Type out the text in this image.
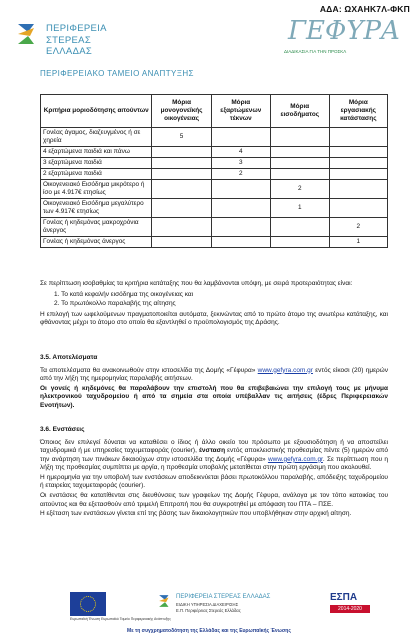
ΑΔΑ: ΩΧΑΗΚ7Λ-ΦΚΠ
ΠΕΡΙΦΕΡΕΙΑ
ΣΤΕΡΕΑΣ ΕΛΛΑΔΑΣ
ΓΕΦΥΡΑ
ΔΙΑΔΙΚΑΣΙΑ ΓΙΑ ΤΗΝ ΠΡΟΣΚΛ
ΠΕΡΙΦΕΡΕΙΑΚΟ ΤΑΜΕΙΟ ΑΝΑΠΤΥΞΗΣ
Κριτήρια μοριοδότησης αιτούντων	Μόρια μονογονεϊκής οικογένειας	Μόρια εξαρτώμενων τέκνων	Μόρια εισοδήματος	Μόρια εργασιακής κατάστασης
Γονέας άγαμος, διαζευγμένος ή σε χηρεία	5			
4 εξαρτώμενα παιδιά και πάνω		4		
3 εξαρτώμενα παιδιά		3		
2 εξαρτώμενα παιδιά		2		
Οικογενειακό Εισόδημα μικρότερο ή ίσο με 4.917€ ετησίως			2	
Οικογενειακό Εισόδημα μεγαλύτερο των 4.917€ ετησίως			1	
Γονέας ή κηδεμόνας μακροχρόνια άνεργος				2
Γονέας ή κηδεμόνας άνεργος				1

Σε περίπτωση ισοβαθμίας τα κριτήρια κατάταξης που θα λαμβάνονται υπόψη, με σειρά προτεραιότητας είναι:

1. Το κατά κεφαλήν εισόδημα της οικογένειας και
2. Το πρωτόκολλο παραλαβής της αίτησης

Η επιλογή των ωφελούμενων πραγματοποιείται αυτόματα, ξεκινώντας από το πρώτο άτομο της ανωτέρω κατάταξης, και φθάνοντας μέχρι το άτομο στο οποίο θα εξαντληθεί ο προϋπολογισμός της Δράσης.

3.5. Αποτελέσματα

Τα αποτελέσματα θα ανακοινωθούν στην ιστοσελίδα της Δομής «Γέφυρα» www.gefyra.com.gr εντός είκοσι (20) ημερών από την λήξη της ημερομηνίας παραλαβής αιτήσεων.

Οι γονείς ή κηδεμόνες θα παραλάβουν την επιστολή που θα επιβεβαιώνει την επιλογή τους με μήνυμα ηλεκτρονικού ταχυδρομείου ή από τα σημεία στα οποία υπέβαλλαν τις αιτήσεις (έδρες Περιφερειακών Ενοτήτων).

3.6. Ενστάσεις

Όποιος δεν επιλεγεί δύναται να καταθέσει ο ίδιος ή άλλο οικείο του πρόσωπο με εξουσιοδότηση ή να αποστείλει ταχυδρομικά ή με υπηρεσίες ταχυμεταφοράς (courier), ένσταση εντός αποκλειστικής προθεσμίας πέντε (5) ημερών από την ανάρτηση των πινάκων δικαιούχων στην ιστοσελίδα της Δομής «Γέφυρα» www.gefyra.com.gr. Σε περίπτωση που η λήξη της προθεσμίας συμπίπτει με αργία, η προθεσμία υποβολής μετατίθεται στην πρώτη εργάσιμη που ακολουθεί.

Η ημερομηνία για την υποβολή των ενστάσεων αποδεικνύεται βάσει πρωτοκόλλου παραλαβής, απόδειξης ταχυδρομείου ή εταιρείας ταχυμεταφοράς (courier).

Οι ενστάσεις θα κατατίθενται στις διευθύνσεις των γραφείων της Δομής Γέφυρα, ανάλογα με τον τόπο κατοικίας του αιτούντος και θα εξετασθούν από τριμελή Επιτροπή που θα συγκροτηθεί με απόφαση του ΠΤΑ – ΠΣΕ.

Η εξέταση των ενστάσεων γίνεται επί της βάσης των δικαιολογητικών που υποβλήθηκαν στην αρχική αίτηση.

Ευρωπαϊκή Ένωση Ευρωπαϊκό Ταμείο Περιφερειακής Ανάπτυξης
ΠΕΡΙΦΕΡΕΙΑ ΣΤΕΡΕΑΣ ΕΛΛΑΔΑΣ
ΕΙΔΙΚΗ ΥΠΗΡΕΣΙΑ ΔΙΑΧΕΙΡΙΣΗΣ
Ε.Π. Περιφέρειας Στερεάς Ελλάδας
ΕΣΠΑ
2014-2020
Με τη συγχρηματοδότηση της Ελλάδας και της Ευρωπαϊκής Ένωσης
